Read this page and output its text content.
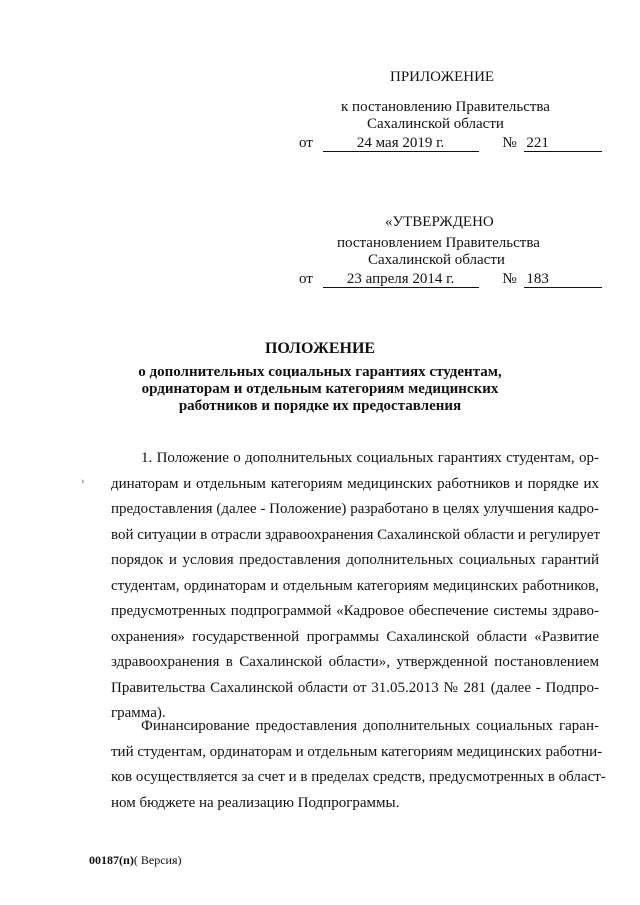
ПРИЛОЖЕНИЕ
к постановлению Правительства
Сахалинской области
от	24 мая 2019 г.	№ 221
«УТВЕРЖДЕНО
постановлением Правительства
Сахалинской области
от 23 апреля 2014 г.	№ 183
ПОЛОЖЕНИЕ
о дополнительных социальных гарантиях студентам,
ординаторам и отдельным категориям медицинских
работников и порядке их предоставления
›
1. Положение о дополнительных социальных гарантиях студентам, ор-
динаторам и отдельным категориям медицинских работников и порядке их
предоставления (далее - Положение) разработано в целях улучшения кадро-
вой ситуации в отрасли здравоохранения Сахалинской области и регулирует
порядок и условия предоставления дополнительных социальных гарантий
студентам, ординаторам и отдельным категориям медицинских работников,
предусмотренных подпрограммой «Кадровое обеспечение системы здраво-
охранения» государственной программы Сахалинской области «Развитие
здравоохранения в Сахалинской области», утвержденной постановлением
Правительства Сахалинской области от 31.05.2013 № 281 (далее - Подпро-
грамма).
Финансирование предоставления дополнительных социальных гаран-
тий студентам, ординаторам и отдельным категориям медицинских работни-
ков осуществляется за счет и в пределах средств, предусмотренных в област-
ном бюджете на реализацию Подпрограммы.
00187(п)( Версия)
